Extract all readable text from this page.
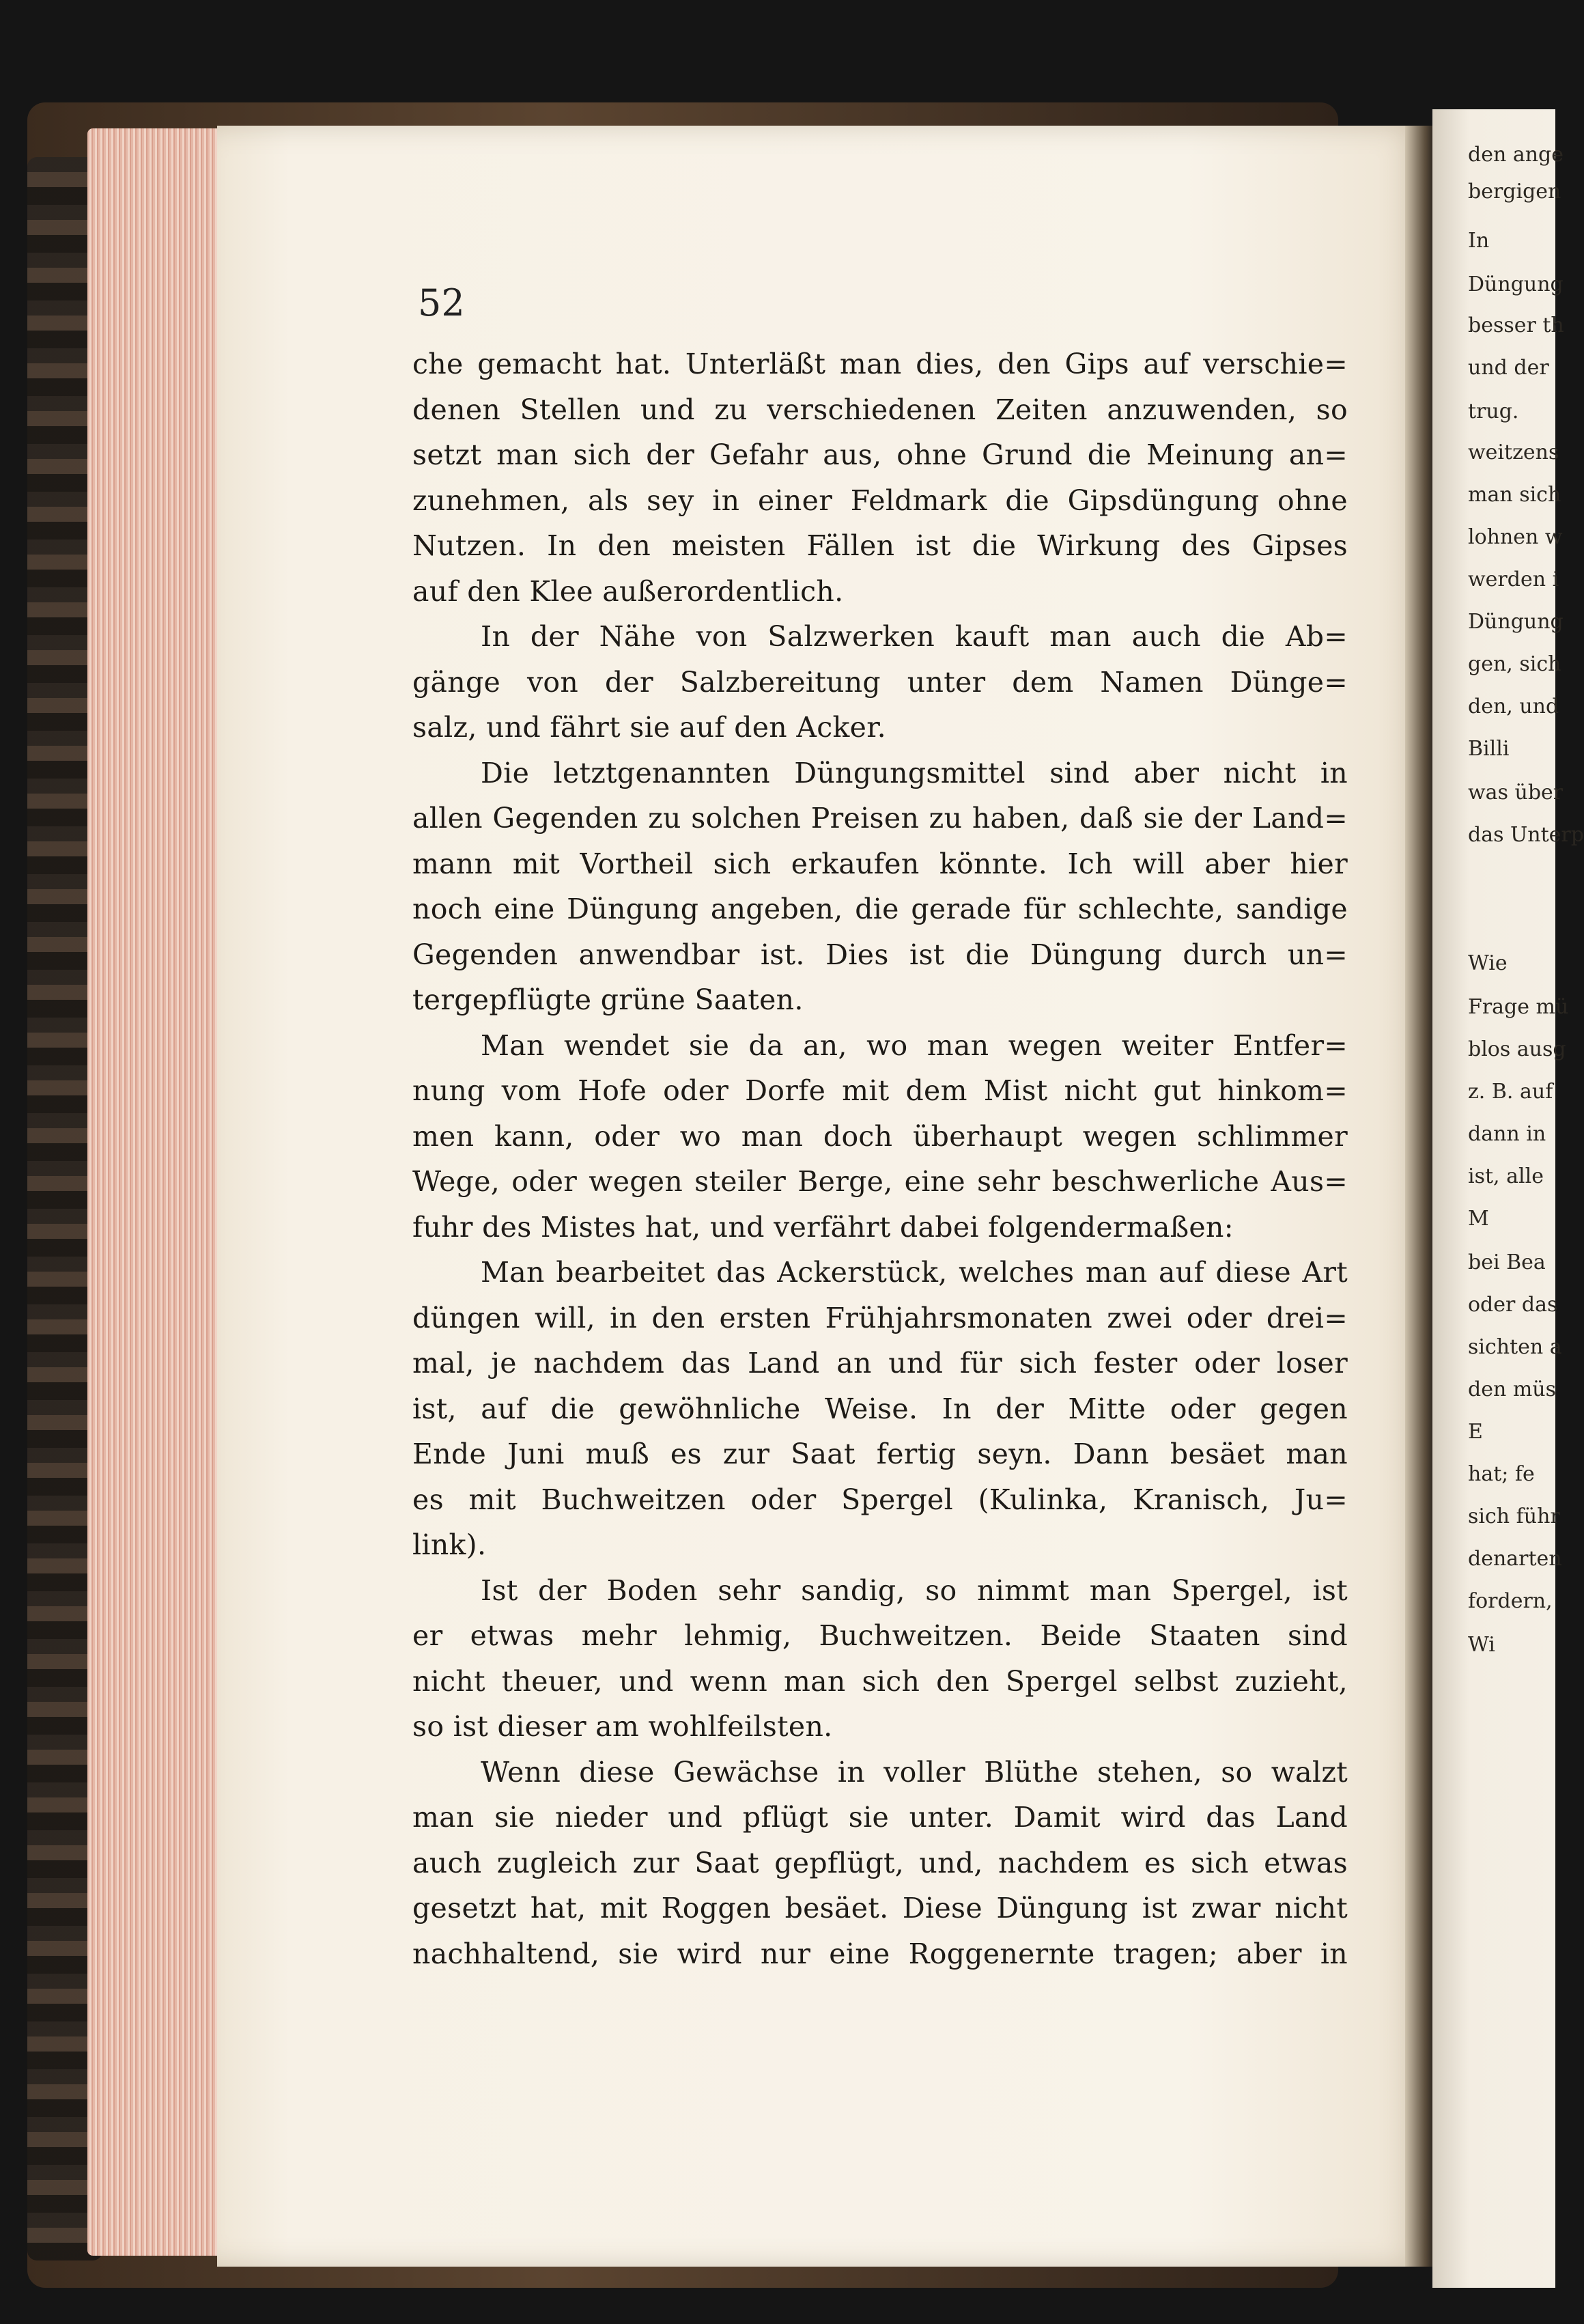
den ange

bergigen

In

Düngung

besser th

und der

trug.

weitzens

man sich

lohnen w

werden i

Düngung

gen, sich

den, und

Billi

was über

das Unterp

Wie

Frage mü

blos ausg

z. B. auf

dann in

ist, alle

M

bei Bea

oder das

sichten a

den müs

E

hat; fe

sich führ

denarten

fordern,

Wi

52

che gemacht hat. Unterläßt man dies, den Gips auf verschie=
denen Stellen und zu verschiedenen Zeiten anzuwenden, so
setzt man sich der Gefahr aus, ohne Grund die Meinung an=
zunehmen, als sey in einer Feldmark die Gipsdüngung ohne
Nutzen. In den meisten Fällen ist die Wirkung des Gipses
auf den Klee außerordentlich.
In der Nähe von Salzwerken kauft man auch die Ab=
gänge von der Salzbereitung unter dem Namen Dünge=
salz, und fährt sie auf den Acker.
Die letztgenannten Düngungsmittel sind aber nicht in
allen Gegenden zu solchen Preisen zu haben, daß sie der Land=
mann mit Vortheil sich erkaufen könnte. Ich will aber hier
noch eine Düngung angeben, die gerade für schlechte, sandige
Gegenden anwendbar ist. Dies ist die Düngung durch un=
tergepflügte grüne Saaten.
Man wendet sie da an, wo man wegen weiter Entfer=
nung vom Hofe oder Dorfe mit dem Mist nicht gut hinkom=
men kann, oder wo man doch überhaupt wegen schlimmer
Wege, oder wegen steiler Berge, eine sehr beschwerliche Aus=
fuhr des Mistes hat, und verfährt dabei folgendermaßen:
Man bearbeitet das Ackerstück, welches man auf diese Art
düngen will, in den ersten Frühjahrsmonaten zwei oder drei=
mal, je nachdem das Land an und für sich fester oder loser
ist, auf die gewöhnliche Weise. In der Mitte oder gegen
Ende Juni muß es zur Saat fertig seyn. Dann besäet man
es mit Buchweitzen oder Spergel (Kulinka, Kranisch, Ju=
link).
Ist der Boden sehr sandig, so nimmt man Spergel, ist
er etwas mehr lehmig, Buchweitzen. Beide Staaten sind
nicht theuer, und wenn man sich den Spergel selbst zuzieht,
so ist dieser am wohlfeilsten.
Wenn diese Gewächse in voller Blüthe stehen, so walzt
man sie nieder und pflügt sie unter. Damit wird das Land
auch zugleich zur Saat gepflügt, und, nachdem es sich etwas
gesetzt hat, mit Roggen besäet. Diese Düngung ist zwar nicht
nachhaltend, sie wird nur eine Roggenernte tragen; aber in
